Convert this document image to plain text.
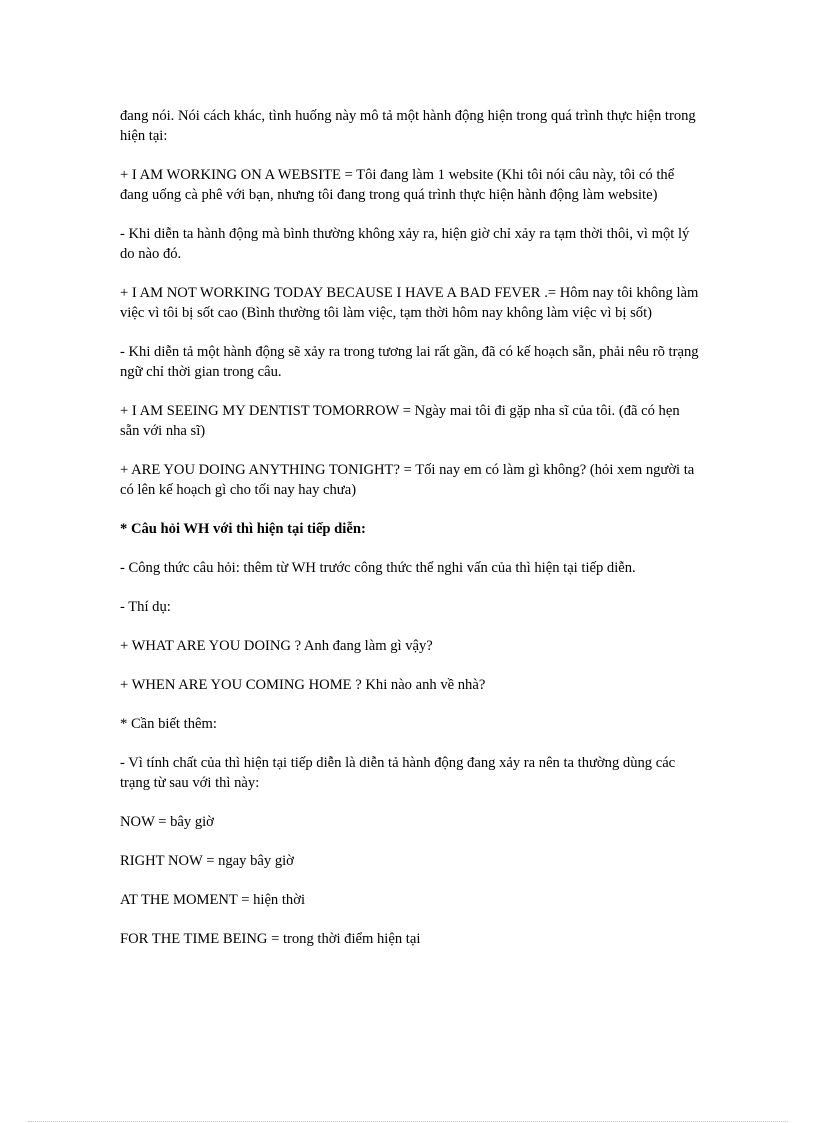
đang nói. Nói cách khác, tình huống này mô tả một hành động hiện trong quá trình thực hiện trong hiện tại:

+ I AM WORKING ON A WEBSITE = Tôi đang làm 1 website (Khi tôi nói câu này, tôi có thể đang uống cà phê với bạn, nhưng tôi đang trong quá trình thực hiện hành động làm website)

- Khi diễn ta hành động mà bình thường không xảy ra, hiện giờ chỉ xảy ra tạm thời thôi, vì một lý do nào đó.

+ I AM NOT WORKING TODAY BECAUSE I HAVE A BAD FEVER .= Hôm nay tôi không làm việc vì tôi bị sốt cao (Bình thường tôi làm việc, tạm thời hôm nay không làm việc vì bị sốt)

- Khi diễn tả một hành động sẽ xảy ra trong tương lai rất gần, đã có kế hoạch sẵn, phải nêu rõ trạng ngữ chỉ thời gian trong câu.

+ I AM SEEING MY DENTIST TOMORROW = Ngày mai tôi đi gặp nha sĩ của tôi. (đã có hẹn sẵn với nha sĩ)

+ ARE YOU DOING ANYTHING TONIGHT? = Tối nay em có làm gì không? (hỏi xem người ta có lên kế hoạch gì cho tối nay hay chưa)

* Câu hỏi WH với thì hiện tại tiếp diễn:

- Công thức câu hỏi: thêm từ WH trước công thức thể nghi vấn của thì hiện tại tiếp diễn.

- Thí dụ:

+ WHAT ARE YOU DOING ? Anh đang làm gì vậy?

+ WHEN ARE YOU COMING HOME ? Khi nào anh về nhà?

* Cần biết thêm:

- Vì tính chất của thì hiện tại tiếp diễn là diễn tả hành động đang xảy ra nên ta thường dùng các trạng từ sau với thì này:

NOW = bây giờ

RIGHT NOW = ngay bây giờ

AT THE MOMENT = hiện thời

FOR THE TIME BEING = trong thời điểm hiện tại
